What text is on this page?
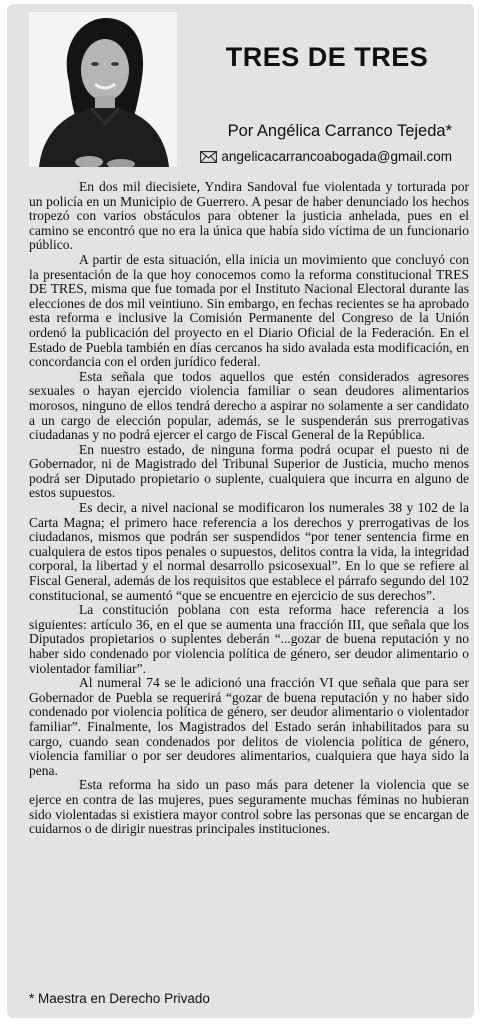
TRES DE TRES
Por Angélica Carranco Tejeda*
angelicacarrancoabogada@gmail.com

En dos mil diecisiete, Yndira Sandoval fue violentada y torturada por un policía en un Municipio de Guerrero. A pesar de haber denunciado los hechos tropezó con varios obstáculos para obtener la justicia anhelada, pues en el camino se encontró que no era la única que había sido víctima de un funcionario público.

A partir de esta situación, ella inicia un movimiento que concluyó con la presentación de la que hoy conocemos como la reforma constitucional TRES DE TRES, misma que fue tomada por el Instituto Nacional Electoral durante las elecciones de dos mil veintiuno. Sin embargo, en fechas recientes se ha aprobado esta reforma e inclusive la Comisión Permanente del Congreso de la Unión ordenó la publicación del proyecto en el Diario Oficial de la Federación. En el Estado de Puebla también en días cercanos ha sido avalada esta modificación, en concordancia con el orden jurídico federal.

Esta señala que todos aquellos que estén considerados agresores sexuales o hayan ejercido violencia familiar o sean deudores alimentarios morosos, ninguno de ellos tendrá derecho a aspirar no solamente a ser candidato a un cargo de elección popular, además, se le suspenderán sus prerrogativas ciudadanas y no podrá ejercer el cargo de Fiscal General de la República.

En nuestro estado, de ninguna forma podrá ocupar el puesto ni de Gobernador, ni de Magistrado del Tribunal Superior de Justicia, mucho menos podrá ser Diputado propietario o suplente, cualquiera que incurra en alguno de estos supuestos.

Es decir, a nivel nacional se modificaron los numerales 38 y 102 de la Carta Magna; el primero hace referencia a los derechos y prerrogativas de los ciudadanos, mismos que podrán ser suspendidos “por tener sentencia firme en cualquiera de estos tipos penales o supuestos, delitos contra la vida, la integridad corporal, la libertad y el normal desarrollo psicosexual”. En lo que se refiere al Fiscal General, además de los requisitos que establece el párrafo segundo del 102 constitucional, se aumentó “que se encuentre en ejercicio de sus derechos”.

La constitución poblana con esta reforma hace referencia a los siguientes: artículo 36, en el que se aumenta una fracción III, que señala que los Diputados propietarios o suplentes deberán “...gozar de buena reputación y no haber sido condenado por violencia política de género, ser deudor alimentario o violentador familiar”.

Al numeral 74 se le adicionó una fracción VI que señala que para ser Gobernador de Puebla se requerirá “gozar de buena reputación y no haber sido condenado por violencia política de género, ser deudor alimentario o violentador familiar”. Finalmente, los Magistrados del Estado serán inhabilitados para su cargo, cuando sean condenados por delitos de violencia política de género, violencia familiar o por ser deudores alimentarios, cualquiera que haya sido la pena.

Esta reforma ha sido un paso más para detener la violencia que se ejerce en contra de las mujeres, pues seguramente muchas féminas no hubieran sido violentadas si existiera mayor control sobre las personas que se encargan de cuidarnos o de dirigir nuestras principales instituciones.

* Maestra en Derecho Privado
